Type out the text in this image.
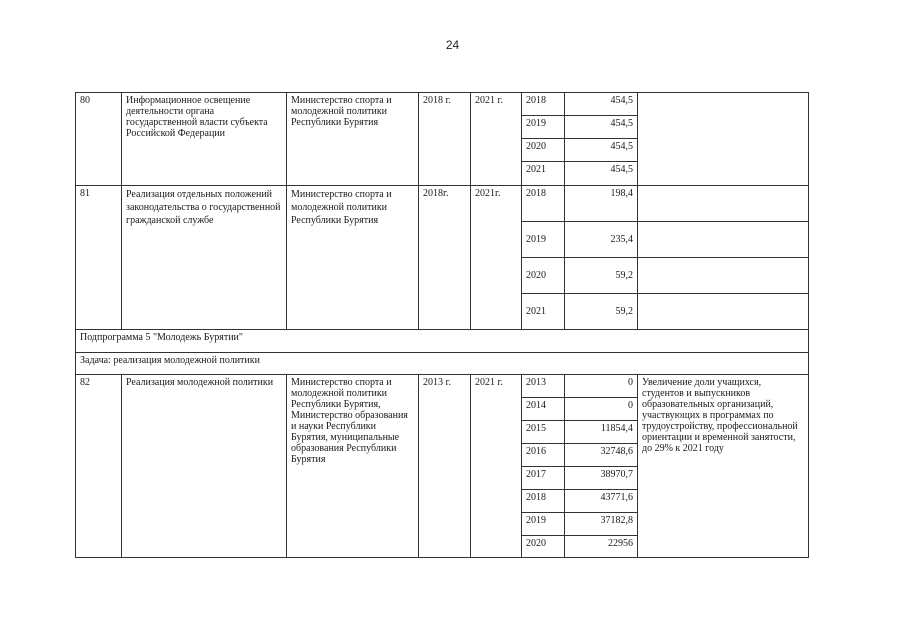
24
80	Информационное освещение деятельности органа государственной власти субъекта Российской Федерации	Министерство спорта и молодежной политики Республики Бурятия	2018 г.	2021 г.	2018	454,5	
					2019	454,5	
					2020	454,5	
					2021	454,5	
81	Реализация отдельных положений законодательства о государственной гражданской службе	Министерство спорта и молодежной политики Республики Бурятия	2018г.	2021г.	2018	198,4	
					2019	235,4	
					2020	59,2	
					2021	59,2	
Подпрограмма 5 "Молодежь Бурятии"							
Задача: реализация молодежной политики							
82	Реализация молодежной политики	Министерство спорта и молодежной политики Республики Бурятия, Министерство образования и науки Республики Бурятия, муниципальные образования Республики Бурятия	2013 г.	2021 г.	2013	0	Увеличение доли учащихся, студентов и выпускников образовательных организаций, участвующих в программах по трудоустройству, профессиональной ориентации и временной занятости, до 29% к 2021 году
					2014	0	
					2015	11854,4	
					2016	32748,6	
					2017	38970,7	
					2018	43771,6	
					2019	37182,8	
					2020	22956	
